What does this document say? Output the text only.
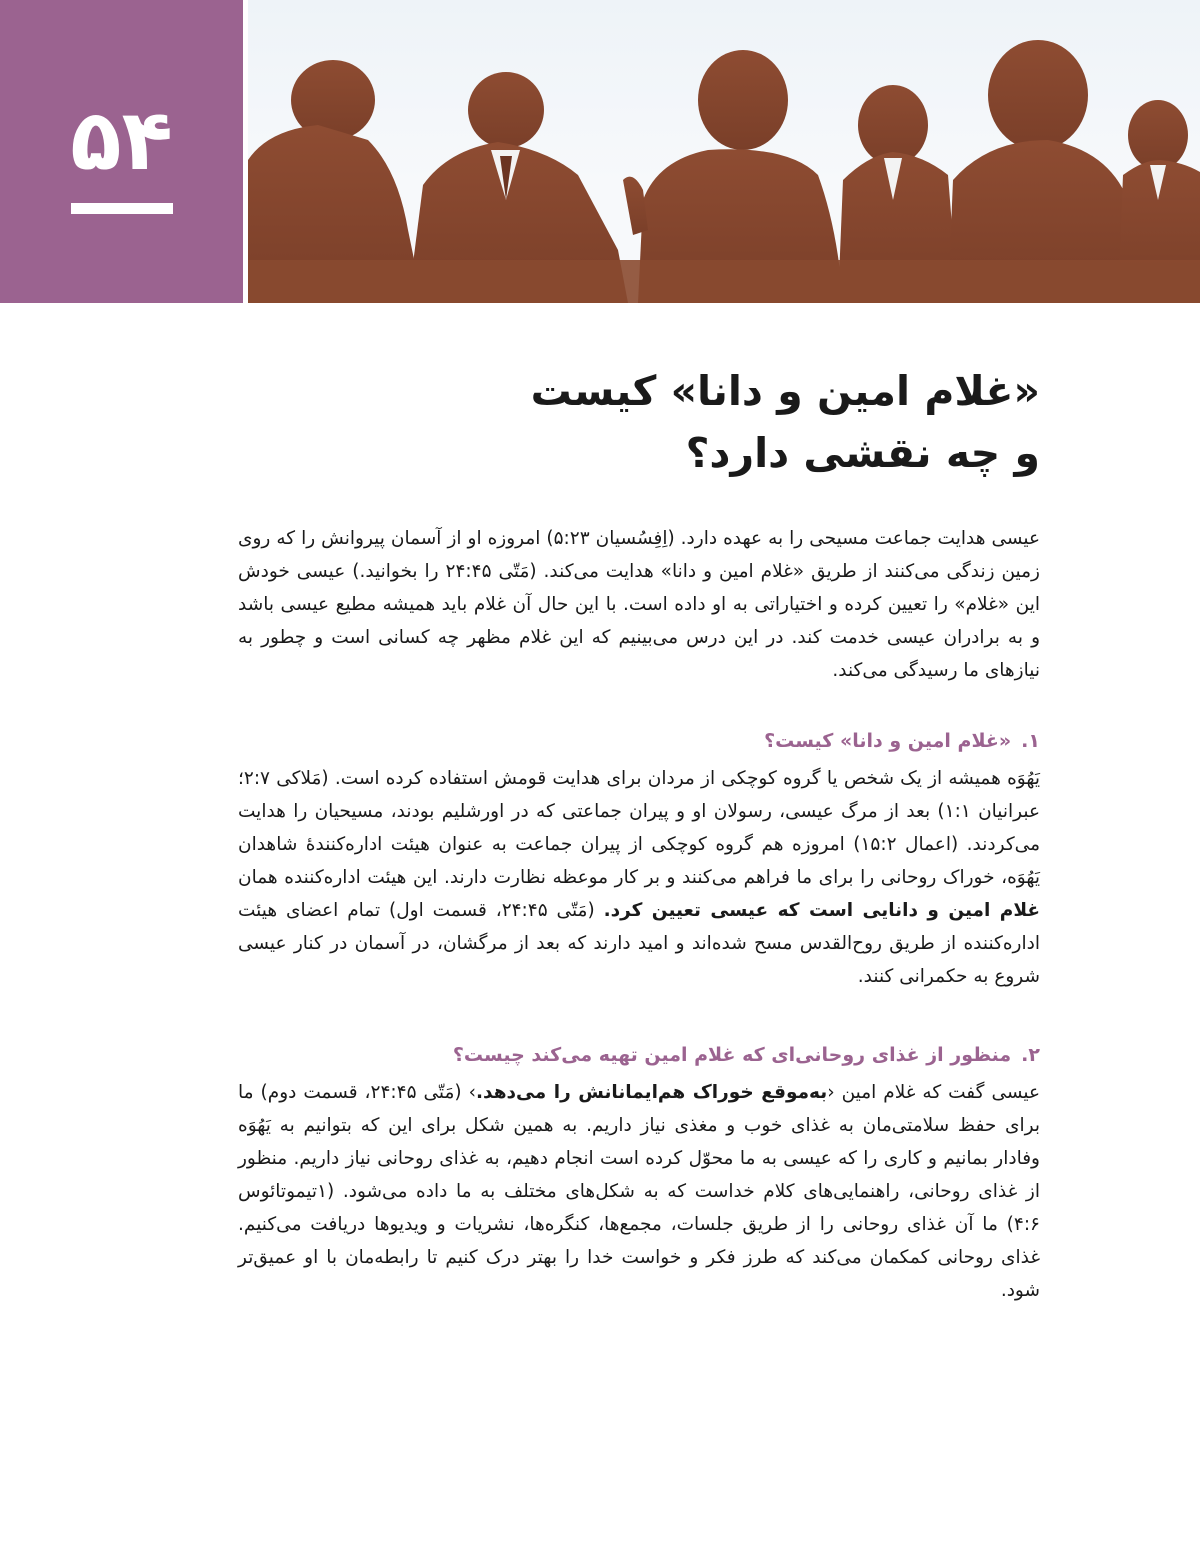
۵۴
«غلام امین و دانا» کیست
و چه نقشی دارد؟

عیسی هدایت جماعت مسیحی را به عهده دارد. (اِفِسُسیان ۵:۲۳) امروزه او از آسمان پیروانش را که روی زمین زندگی می‌کنند از طریق «غلام امین و دانا» هدایت می‌کند. (مَتّی ۲۴:۴۵ را بخوانید.) عیسی خودش این «غلام» را تعیین کرده و اختیاراتی به او داده است. با این حال آن غلام باید همیشه مطیع عیسی باشد و به برادران عیسی خدمت کند. در این درس می‌بینیم که این غلام مظهر چه کسانی است و چطور به نیازهای ما رسیدگی می‌کند.

۱.«غلام امین و دانا» کیست؟

یَهُوَه همیشه از یک شخص یا گروه کوچکی از مردان برای هدایت قومش استفاده کرده است. (مَلاکی ۲:۷؛ عبرانیان ۱:۱) بعد از مرگ عیسی، رسولان او و پیران جماعتی که در اورشلیم بودند، مسیحیان را هدایت می‌کردند. (اعمال ۱۵:۲) امروزه هم گروه کوچکی از پیران جماعت به عنوان هیئت اداره‌کنندهٔ شاهدان یَهُوَه، خوراک روحانی را برای ما فراهم می‌کنند و بر کار موعظه نظارت دارند. این هیئت اداره‌کننده همان غلام امین و دانایی است که عیسی تعیین کرد. (مَتّی ۲۴:۴۵، قسمت اول) تمام اعضای هیئت اداره‌کننده از طریق روح‌القدس مسح شده‌اند و امید دارند که بعد از مرگشان، در آسمان در کنار عیسی شروع به حکمرانی کنند.

۲.منظور از غذای روحانی‌ای که غلام امین تهیه می‌کند چیست؟

عیسی گفت که غلام امین ‹به‌موقع خوراک هم‌ایمانانش را می‌دهد.› (مَتّی ۲۴:۴۵، قسمت دوم) ما برای حفظ سلامتی‌مان به غذای خوب و مغذی نیاز داریم. به همین شکل برای این که بتوانیم به یَهُوَه وفادار بمانیم و کاری را که عیسی به ما محوّل کرده است انجام دهیم، به غذای روحانی نیاز داریم. منظور از غذای روحانی، راهنمایی‌های کلام خداست که به شکل‌های مختلف به ما داده می‌شود. (۱تیموتائوس ۴:۶) ما آن غذای روحانی را از طریق جلسات، مجمع‌ها، کنگره‌ها، نشریات و ویدیوها دریافت می‌کنیم. غذای روحانی کمکمان می‌کند که طرز فکر و خواست خدا را بهتر درک کنیم تا رابطه‌مان با او عمیق‌تر شود.
